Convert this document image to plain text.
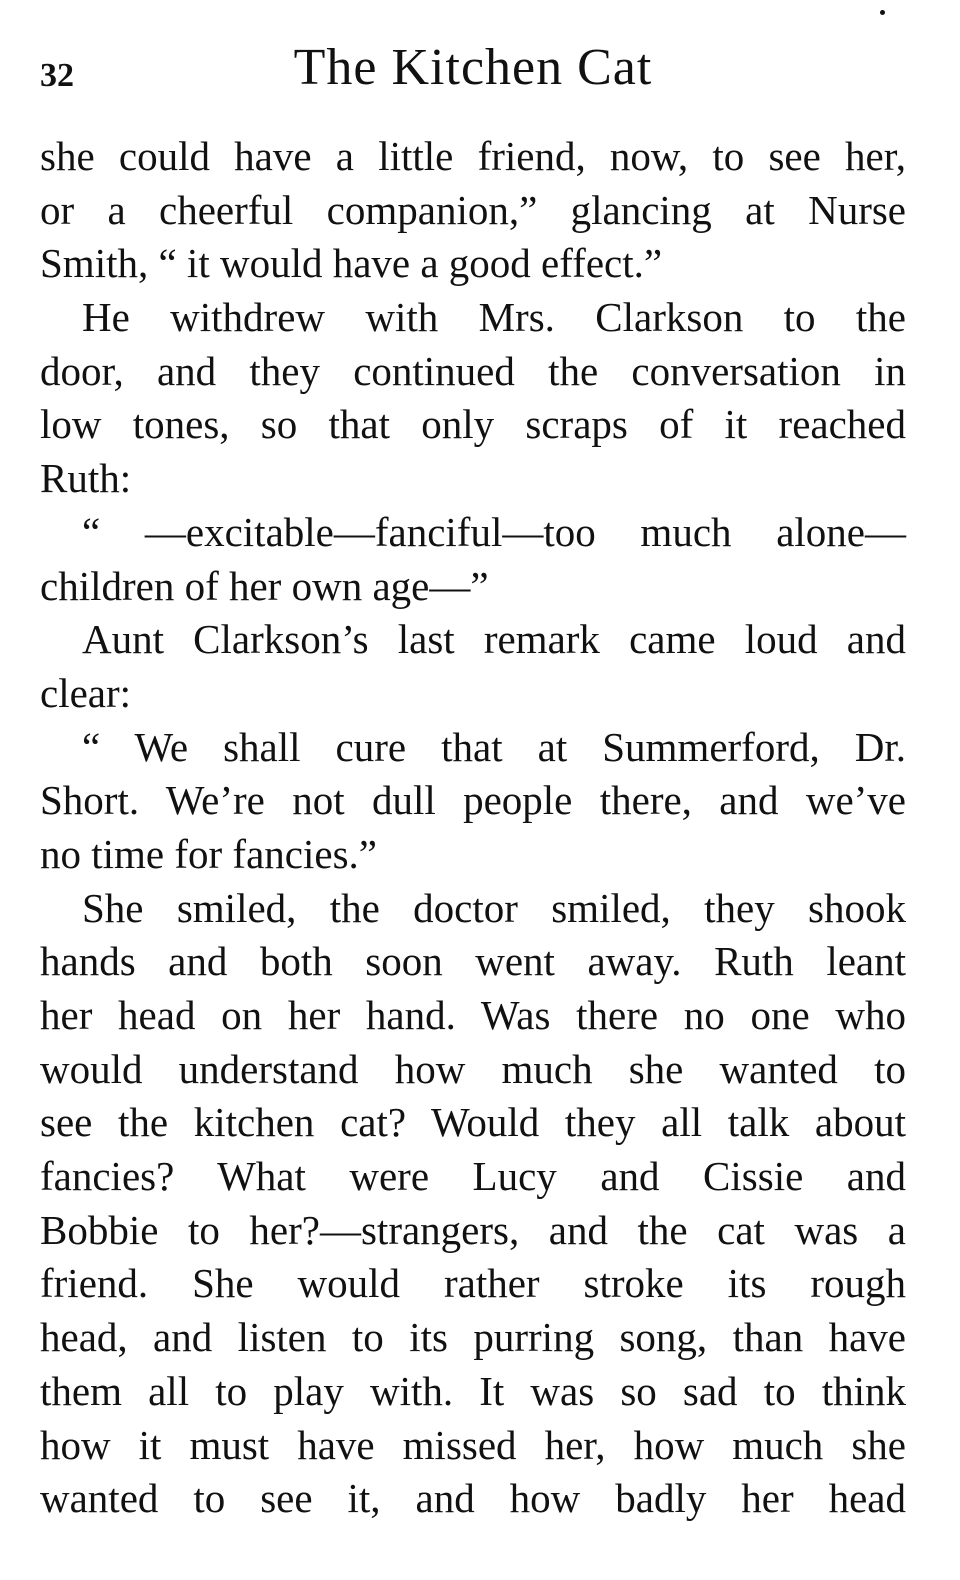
32	The Kitchen Cat
she could have a little friend, now, to see her,
or a cheerful companion,” glancing at Nurse
Smith, “ it would have a good effect.”
He withdrew with Mrs. Clarkson to the
door, and they continued the conversation in
low tones, so that only scraps of it reached
Ruth:
“ —excitable—fanciful—too much alone—
children of her own age—”
Aunt Clarkson’s last remark came loud and
clear:
“ We shall cure that at Summerford, Dr.
Short. We’re not dull people there, and we’ve
no time for fancies.”
She smiled, the doctor smiled, they shook
hands and both soon went away. Ruth leant
her head on her hand. Was there no one who
would understand how much she wanted to
see the kitchen cat? Would they all talk about
fancies? What were Lucy and Cissie and
Bobbie to her?—strangers, and the cat was a
friend. She would rather stroke its rough
head, and listen to its purring song, than have
them all to play with. It was so sad to think
how it must have missed her, how much she
wanted to see it, and how badly her head
